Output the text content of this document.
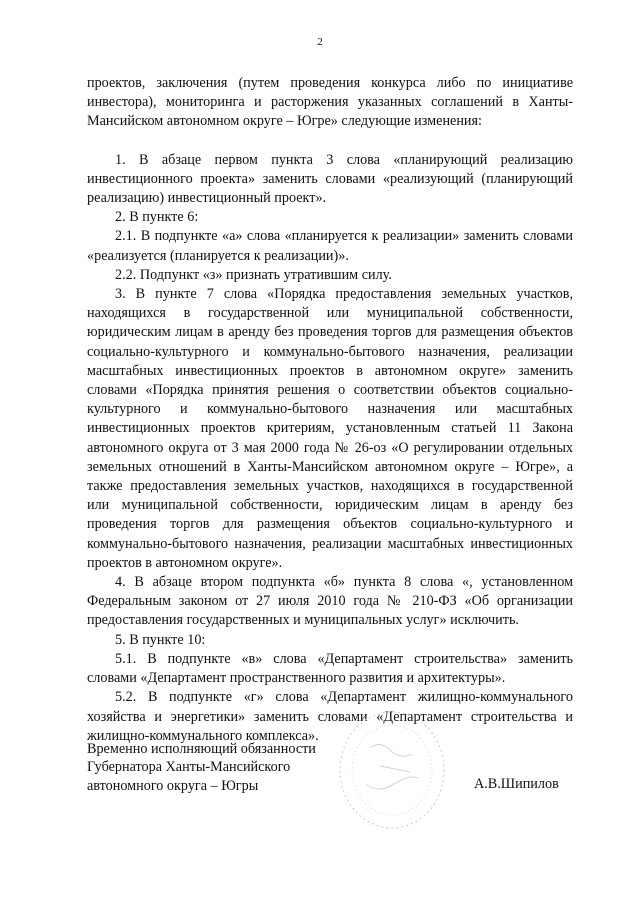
2

проектов, заключения (путем проведения конкурса либо по инициативе инвестора), мониторинга и расторжения указанных соглашений в Ханты-Мансийском автономном округе – Югре» следующие изменения:

1. В абзаце первом пункта 3 слова «планирующий реализацию инвестиционного проекта» заменить словами «реализующий (планирующий реализацию) инвестиционный проект».

2. В пункте 6:

2.1. В подпункте «а» слова «планируется к реализации» заменить словами «реализуется (планируется к реализации)».

2.2. Подпункт «з» признать утратившим силу.

3. В пункте 7 слова «Порядка предоставления земельных участков, находящихся в государственной или муниципальной собственности, юридическим лицам в аренду без проведения торгов для размещения объектов социально-культурного и коммунально-бытового назначения, реализации масштабных инвестиционных проектов в автономном округе» заменить словами «Порядка принятия решения о соответствии объектов социально-культурного и коммунально-бытового назначения или масштабных инвестиционных проектов критериям, установленным статьей 11 Закона автономного округа от 3 мая 2000 года № 26-оз «О регулировании отдельных земельных отношений в Ханты-Мансийском автономном округе – Югре», а также предоставления земельных участков, находящихся в государственной или муниципальной собственности, юридическим лицам в аренду без проведения торгов для размещения объектов социально-культурного и коммунально-бытового назначения, реализации масштабных инвестиционных проектов в автономном округе».

4. В абзаце втором подпункта «б» пункта 8 слова «, установленном Федеральным законом от 27 июля 2010 года № 210-ФЗ «Об организации предоставления государственных и муниципальных услуг» исключить.

5. В пункте 10:

5.1. В подпункте «в» слова «Департамент строительства» заменить словами «Департамент пространственного развития и архитектуры».

5.2. В подпункте «г» слова «Департамент жилищно-коммунального хозяйства и энергетики» заменить словами «Департамент строительства и жилищно-коммунального комплекса».

Временно исполняющий обязанности

Губернатора Ханты-Мансийского

автономного округа – Югры	А.В.Шипилов
